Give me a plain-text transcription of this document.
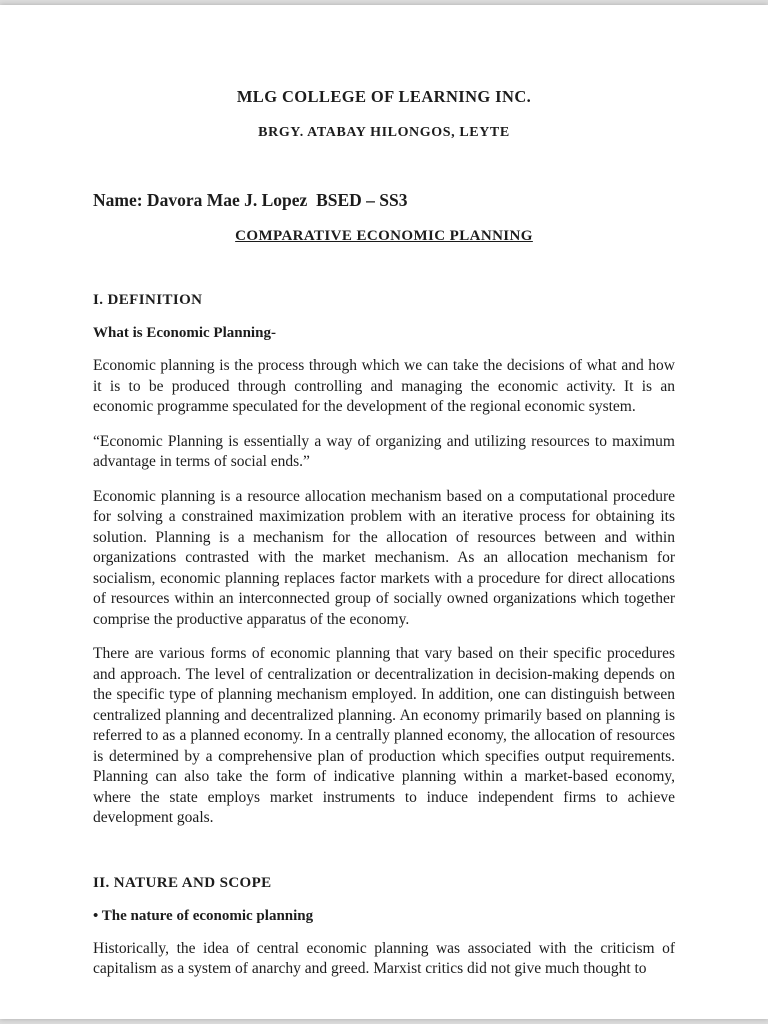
MLG COLLEGE OF LEARNING INC.

BRGY. ATABAY HILONGOS, LEYTE

Name: Davora Mae J. Lopez  BSED – SS3

COMPARATIVE ECONOMIC PLANNING

I. DEFINITION

What is Economic Planning-

Economic planning is the process through which we can take the decisions of what and how it is to be produced through controlling and managing the economic activity. It is an economic programme speculated for the development of the regional economic system.

“Economic Planning is essentially a way of organizing and utilizing resources to maximum advantage in terms of social ends.”

Economic planning is a resource allocation mechanism based on a computational procedure for solving a constrained maximization problem with an iterative process for obtaining its solution. Planning is a mechanism for the allocation of resources between and within organizations contrasted with the market mechanism. As an allocation mechanism for socialism, economic planning replaces factor markets with a procedure for direct allocations of resources within an interconnected group of socially owned organizations which together comprise the productive apparatus of the economy.

There are various forms of economic planning that vary based on their specific procedures and approach. The level of centralization or decentralization in decision-making depends on the specific type of planning mechanism employed. In addition, one can distinguish between centralized planning and decentralized planning. An economy primarily based on planning is referred to as a planned economy. In a centrally planned economy, the allocation of resources is determined by a comprehensive plan of production which specifies output requirements. Planning can also take the form of indicative planning within a market-based economy, where the state employs market instruments to induce independent firms to achieve development goals.

II. NATURE AND SCOPE

• The nature of economic planning

Historically, the idea of central economic planning was associated with the criticism of capitalism as a system of anarchy and greed. Marxist critics did not give much thought to
